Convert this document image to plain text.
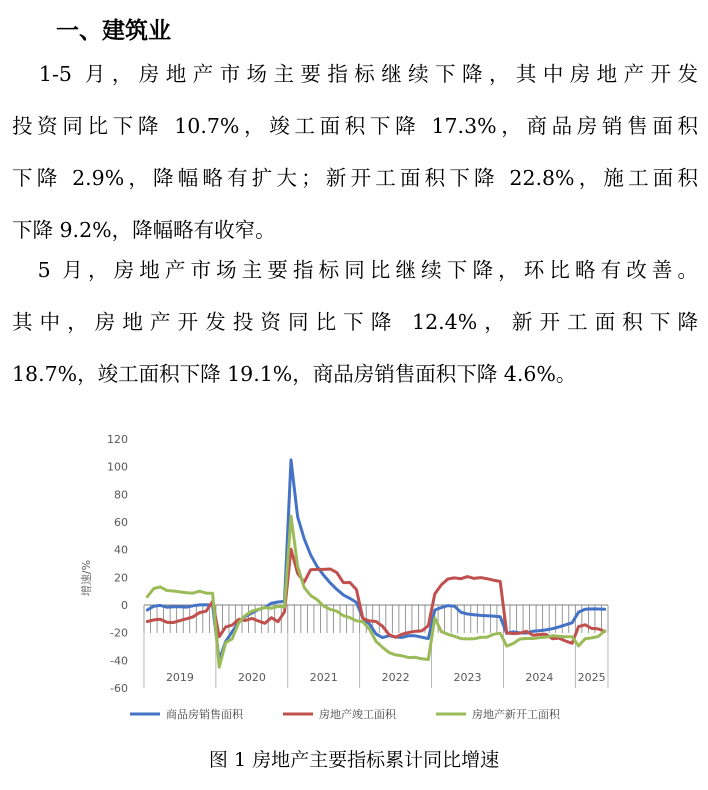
一、建筑业
　1-5 月，房地产市场主要指标继续下降，其中房地产开发
投资同比下降 10.7%，竣工面积下降 17.3%，商品房销售面积
下降 2.9%，降幅略有扩大；新开工面积下降 22.8%，施工面积
下降 9.2%，降幅略有收窄。
　5 月，房地产市场主要指标同比继续下降，环比略有改善。
其中，房地产开发投资同比下降 12.4%，新开工面积下降
18.7%，竣工面积下降 19.1%，商品房销售面积下降 4.6%。
增速/%
-60
-40
-20
0
20
40
60
80
100
120
2019	2020	2021	2022	2023	2024 2025
商品房销售面积	房地产竣工面积	房地产新开工面积
图 1 房地产主要指标累计同比增速
